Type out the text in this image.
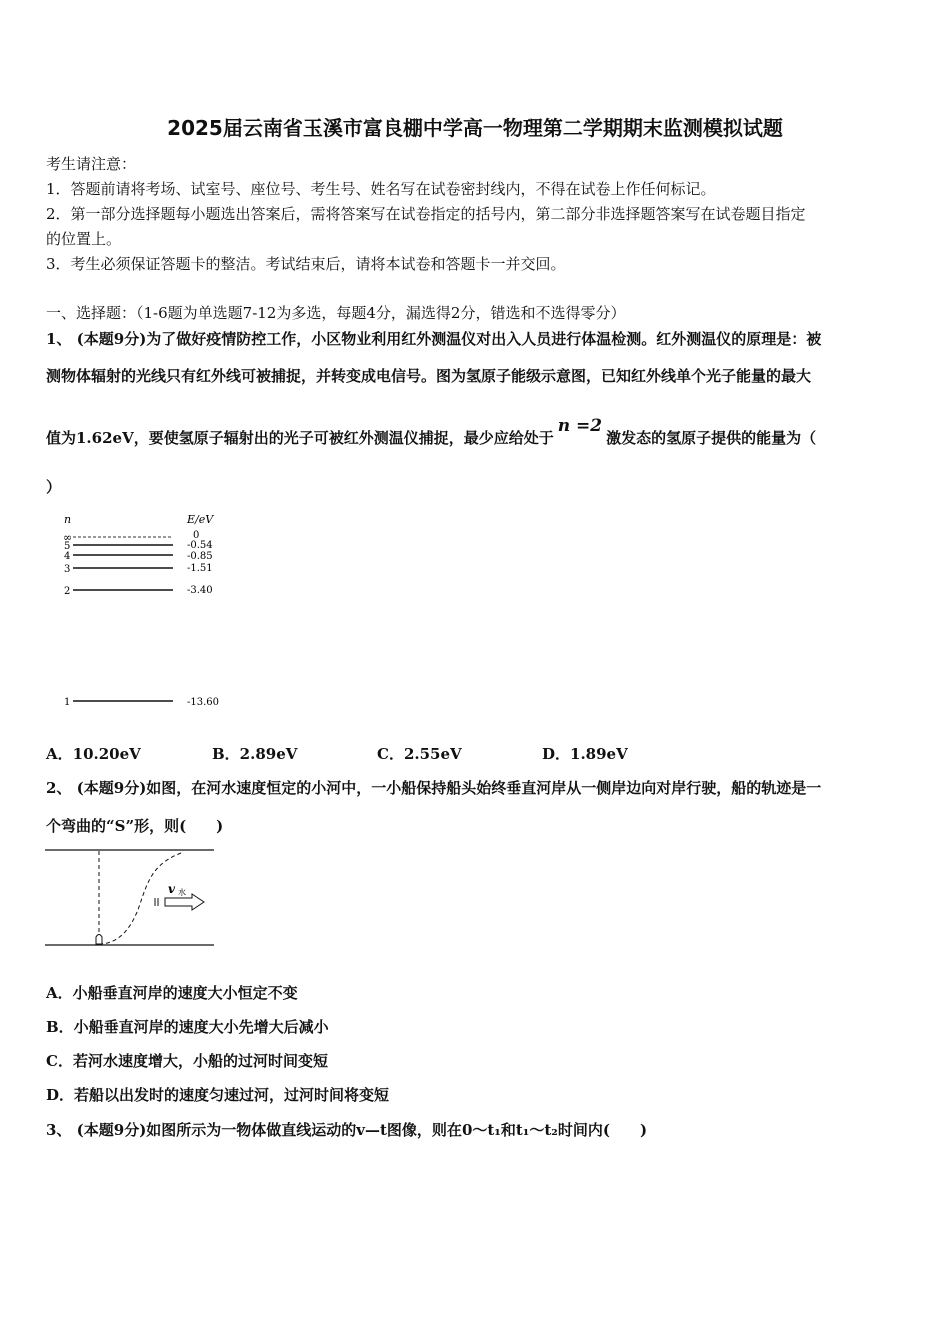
2025届云南省玉溪市富良棚中学高一物理第二学期期末监测模拟试题
考生请注意：
1．答题前请将考场、试室号、座位号、考生号、姓名写在试卷密封线内，不得在试卷上作任何标记。
2．第一部分选择题每小题选出答案后，需将答案写在试卷指定的括号内，第二部分非选择题答案写在试卷题目指定
的位置上。
3．考生必须保证答题卡的整洁。考试结束后，请将本试卷和答题卡一并交回。
一、选择题：（1-6题为单选题7-12为多选，每题4分，漏选得2分，错选和不选得零分）
1、 (本题9分)为了做好疫情防控工作，小区物业利用红外测温仪对出入人员进行体温检测。红外测温仪的原理是：被
测物体辐射的光线只有红外线可被捕捉，并转变成电信号。图为氢原子能级示意图，已知红外线单个光子能量的最大
值为1.62eV，要使氢原子辐射出的光子可被红外测温仪捕捉，最少应给处于n =2激发态的氢原子提供的能量为（
）
n	E/eV
∞	0
5	-0.54
4	-0.85
3	-1.51
2	-3.40
1	-13.60
A．10.20eV	B．2.89eV	C．2.55eV	D．1.89eV
2、 (本题9分)如图，在河水速度恒定的小河中，一小船保持船头始终垂直河岸从一侧岸边向对岸行驶，船的轨迹是一
个弯曲的“S”形，则(　　)
v 水
A．小船垂直河岸的速度大小恒定不变
B．小船垂直河岸的速度大小先增大后减小
C．若河水速度增大，小船的过河时间变短
D．若船以出发时的速度匀速过河，过河时间将变短
3、 (本题9分)如图所示为一物体做直线运动的v—t图像，则在0～t₁和t₁～t₂时间内(　　)
